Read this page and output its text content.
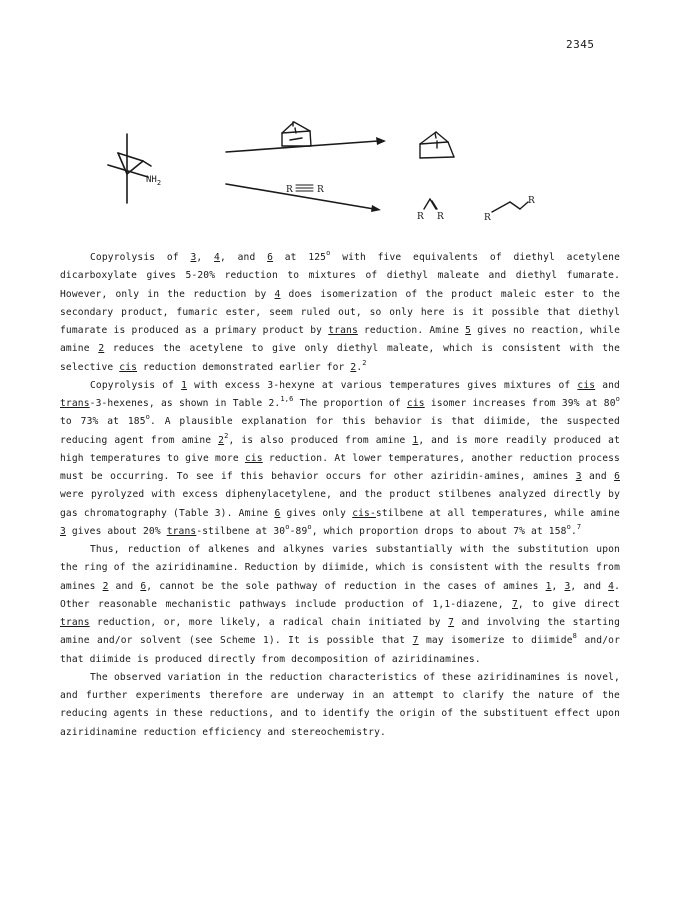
2345
$NH_2$
R	R
R R	R
R

Copyrolysis of 3, 4, and 6 at 125$^o$ with five equivalents of diethyl acetylene dicarboxylate gives 5-20% reduction to mixtures of diethyl maleate and diethyl fumarate. However, only in the reduction by 4 does isomerization of the product maleic ester to the secondary product, fumaric ester, seem ruled out, so only here is it possible that diethyl fumarate is produced as a primary product by trans reduction. Amine 5 gives no reaction, while amine 2 reduces the acetylene to give only diethyl maleate, which is consistent with the selective cis reduction demonstrated earlier for 2.$^2$

Copyrolysis of 1 with excess 3-hexyne at various temperatures gives mixtures of cis and trans-3-hexenes, as shown in Table 2.$^{1,6}$ The proportion of cis isomer increases from 39% at 80$^o$ to 73% at 185$^o$. A plausible explanation for this behavior is that diimide, the suspected reducing agent from amine $2^2$, is also produced from amine 1, and is more readily produced at high temperatures to give more cis reduction. At lower temperatures, another reduction process must be occurring. To see if this behavior occurs for other aziridin-amines, amines 3 and 6 were pyrolyzed with excess diphenylacetylene, and the product stilbenes analyzed directly by gas chromatography (Table 3). Amine 6 gives only cis-stilbene at all temperatures, while amine 3 gives about 20% trans-stilbene at 30$^o$-89$^o$, which proportion drops to about 7% at 158$^o$.$^7$

Thus, reduction of alkenes and alkynes varies substantially with the substitution upon the ring of the aziridinamine. Reduction by diimide, which is consistent with the results from amines 2 and 6, cannot be the sole pathway of reduction in the cases of amines 1, 3, and 4. Other reasonable mechanistic pathways include production of 1,1-diazene, 7, to give direct trans reduction, or, more likely, a radical chain initiated by 7 and involving the starting amine and/or solvent (see Scheme 1). It is possible that 7 may isomerize to diimide$^8$ and/or that diimide is produced directly from decomposition of aziridinamines.

The observed variation in the reduction characteristics of these aziridinamines is novel, and further experiments therefore are underway in an attempt to clarify the nature of the reducing agents in these reductions, and to identify the origin of the substituent effect upon aziridinamine reduction efficiency and stereochemistry.
